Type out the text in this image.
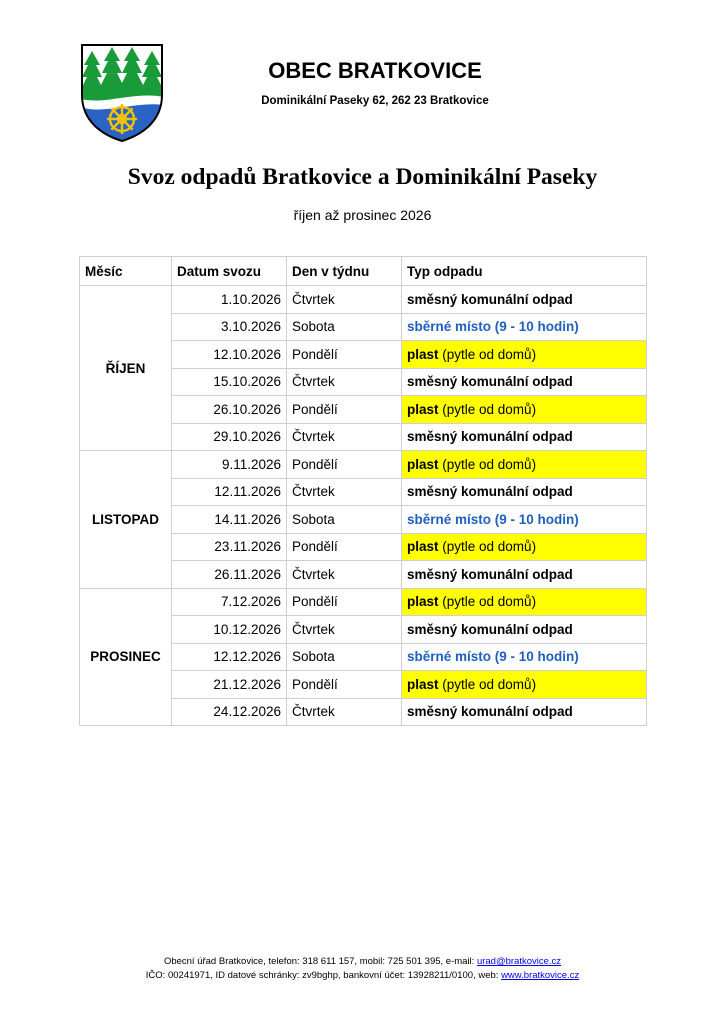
OBEC BRATKOVICE
Dominikální Paseky 62, 262 23 Bratkovice
Svoz odpadů Bratkovice a Dominikální Paseky
říjen až prosinec 2026
Měsíc	Datum svozu	Den v týdnu	Typ odpadu
ŘÍJEN	1.10.2026	Čtvrtek	směsný komunální odpad
	3.10.2026	Sobota	sběrné místo (9 - 10 hodin)
	12.10.2026	Pondělí	plast (pytle od domů)
	15.10.2026	Čtvrtek	směsný komunální odpad
	26.10.2026	Pondělí	plast (pytle od domů)
	29.10.2026	Čtvrtek	směsný komunální odpad
LISTOPAD	9.11.2026	Pondělí	plast (pytle od domů)
	12.11.2026	Čtvrtek	směsný komunální odpad
	14.11.2026	Sobota	sběrné místo (9 - 10 hodin)
	23.11.2026	Pondělí	plast (pytle od domů)
	26.11.2026	Čtvrtek	směsný komunální odpad
PROSINEC	7.12.2026	Pondělí	plast (pytle od domů)
	10.12.2026	Čtvrtek	směsný komunální odpad
	12.12.2026	Sobota	sběrné místo (9 - 10 hodin)
	21.12.2026	Pondělí	plast (pytle od domů)
	24.12.2026	Čtvrtek	směsný komunální odpad
Obecní úřad Bratkovice, telefon: 318 611 157, mobil: 725 501 395, e-mail: urad@bratkovice.cz
IČO: 00241971, ID datové schránky: zv9bghp, bankovní účet: 13928211/0100, web: www.bratkovice.cz
